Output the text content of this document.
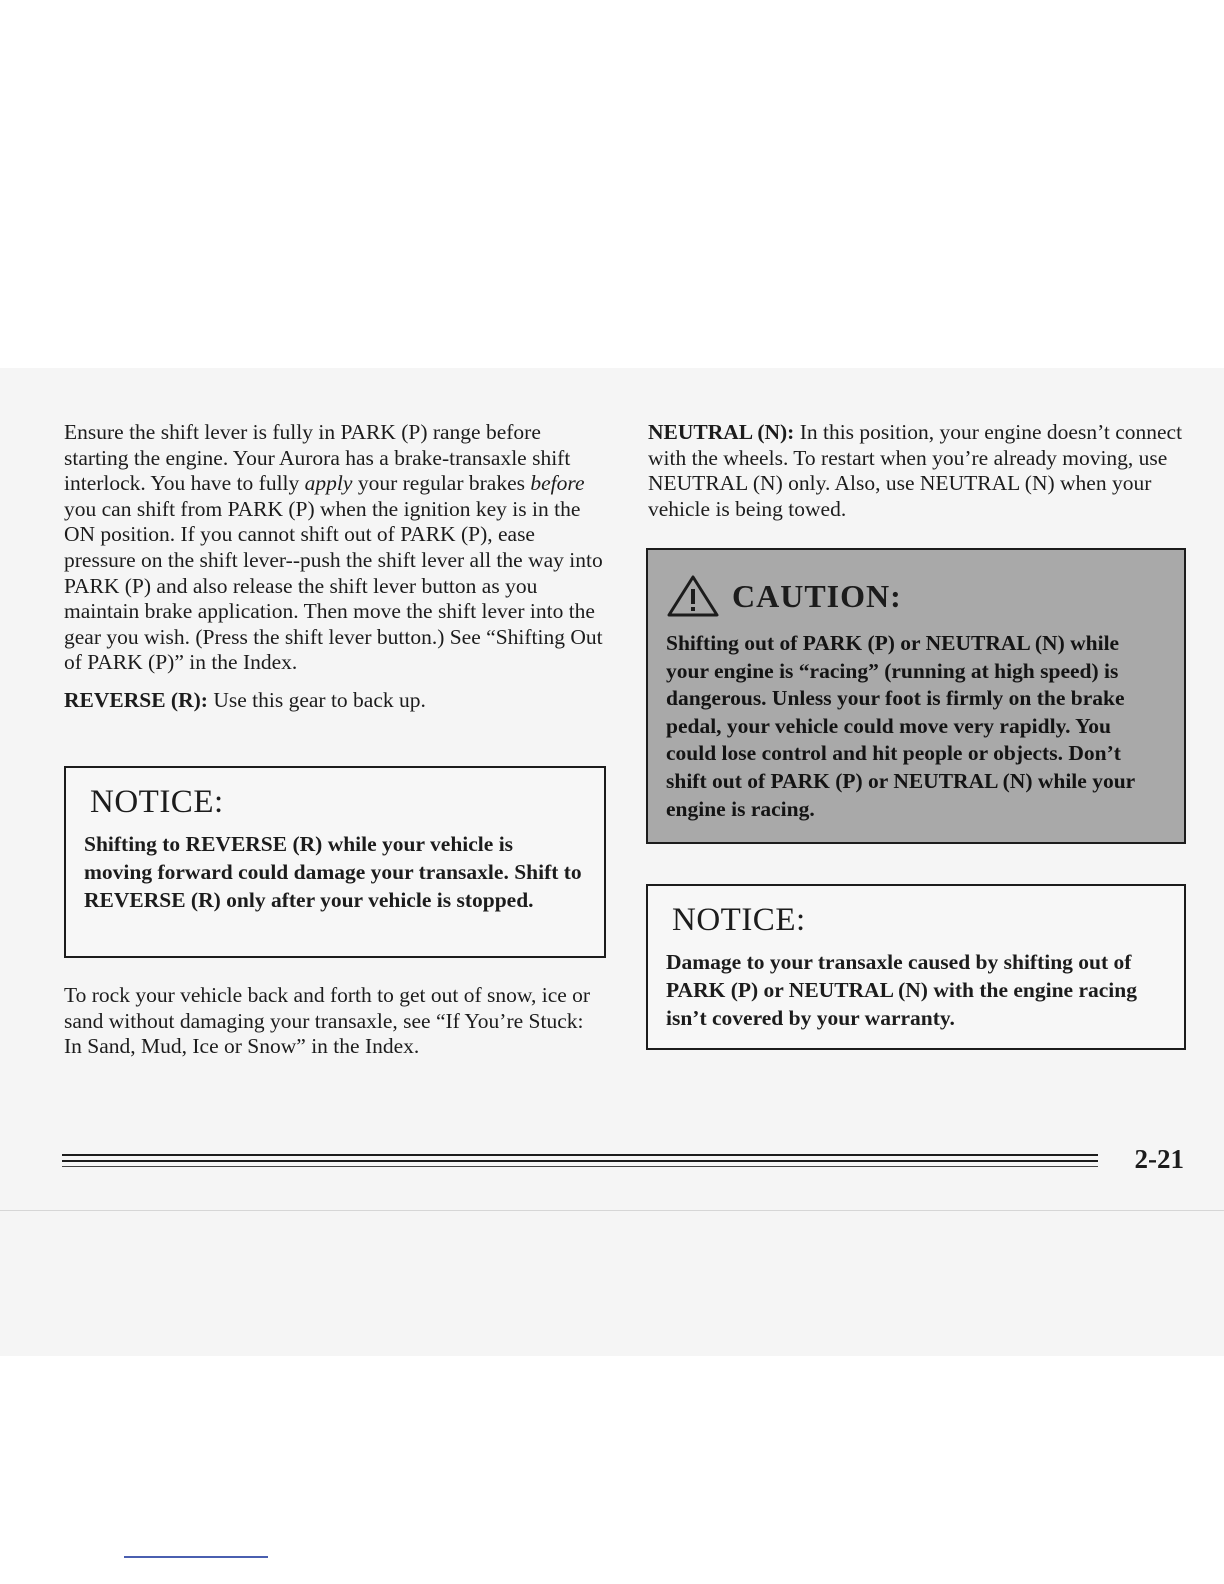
Ensure the shift lever is fully in PARK (P) range before starting the engine. Your Aurora has a brake-transaxle shift interlock. You have to fully apply your regular brakes before you can shift from PARK (P) when the ignition key is in the ON position. If you cannot shift out of PARK (P), ease pressure on the shift lever--push the shift lever all the way into PARK (P) and also release the shift lever button as you maintain brake application. Then move the shift lever into the gear you wish. (Press the shift lever button.) See “Shifting Out of PARK (P)” in the Index.

REVERSE (R): Use this gear to back up.

NOTICE:

Shifting to REVERSE (R) while your vehicle is moving forward could damage your transaxle. Shift to REVERSE (R) only after your vehicle is stopped.

To rock your vehicle back and forth to get out of snow, ice or sand without damaging your transaxle, see “If You’re Stuck: In Sand, Mud, Ice or Snow” in the Index.

NEUTRAL (N): In this position, your engine doesn’t connect with the wheels. To restart when you’re already moving, use NEUTRAL (N) only. Also, use NEUTRAL (N) when your vehicle is being towed.

CAUTION:

Shifting out of PARK (P) or NEUTRAL (N) while your engine is “racing” (running at high speed) is dangerous. Unless your foot is firmly on the brake pedal, your vehicle could move very rapidly. You could lose control and hit people or objects. Don’t shift out of PARK (P) or NEUTRAL (N) while your engine is racing.

NOTICE:

Damage to your transaxle caused by shifting out of PARK (P) or NEUTRAL (N) with the engine racing isn’t covered by your warranty.

2-21
